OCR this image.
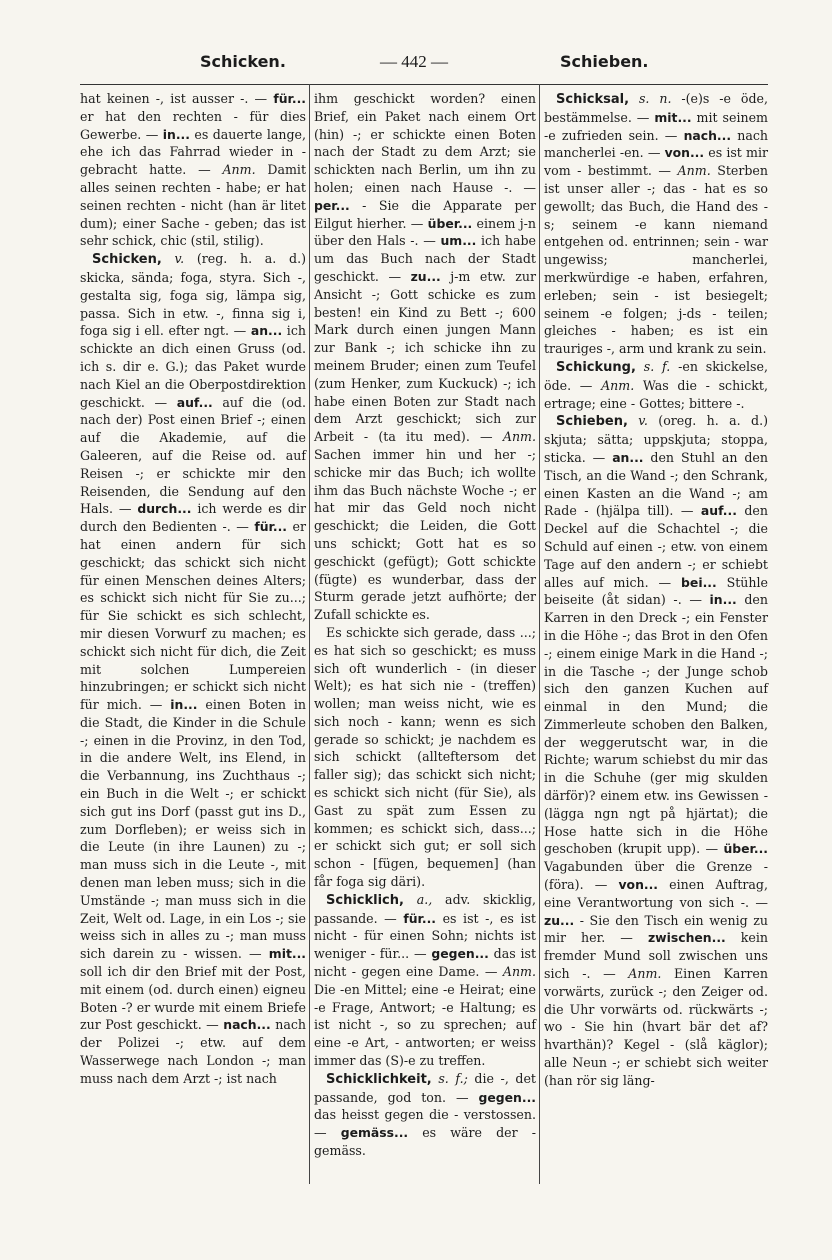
Schicken.	— 442 —	Schieben.

hat keinen -, ist ausser -. — für... er hat den rechten - für dies Gewerbe. — in... es dauerte lange, ehe ich das Fahrrad wieder in - gebracht hatte. — Anm. Damit alles seinen rechten - habe; er hat seinen rechten - nicht (han är litet dum); einer Sache - geben; das ist sehr schick, chic (stil, stilig).

Schicken, v. (reg. h. a. d.) skicka, sända; foga, styra. Sich -, gestalta sig, foga sig, lämpa sig, passa. Sich in etw. -, finna sig i, foga sig i ell. efter ngt. — an... ich schickte an dich einen Gruss (od. ich s. dir e. G.); das Paket wurde nach Kiel an die Oberpostdirektion geschickt. — auf... auf die (od. nach der) Post einen Brief -; einen auf die Akademie, auf die Galeeren, auf die Reise od. auf Reisen -; er schickte mir den Reisenden, die Sendung auf den Hals. — durch... ich werde es dir durch den Bedienten -. — für... er hat einen andern für sich geschickt; das schickt sich nicht für einen Menschen deines Alters; es schickt sich nicht für Sie zu...; für Sie schickt es sich schlecht, mir diesen Vorwurf zu machen; es schickt sich nicht für dich, die Zeit mit solchen Lumpereien hinzubringen; er schickt sich nicht für mich. — in... einen Boten in die Stadt, die Kinder in die Schule -; einen in die Provinz, in den Tod, in die andere Welt, ins Elend, in die Verbannung, ins Zuchthaus -; ein Buch in die Welt -; er schickt sich gut ins Dorf (passt gut ins D., zum Dorfleben); er weiss sich in die Leute (in ihre Launen) zu -; man muss sich in die Leute -, mit denen man leben muss; sich in die Umstände -; man muss sich in die Zeit, Welt od. Lage, in ein Los -; sie weiss sich in alles zu -; man muss sich darein zu - wissen. — mit... soll ich dir den Brief mit der Post, mit einem (od. durch einen) eigneu Boten -? er wurde mit einem Briefe zur Post geschickt. — nach... nach der Polizei -; etw. auf dem Wasserwege nach London -; man muss nach dem Arzt -; ist nach

ihm geschickt worden? einen Brief, ein Paket nach einem Ort (hin) -; er schickte einen Boten nach der Stadt zu dem Arzt; sie schickten nach Berlin, um ihn zu holen; einen nach Hause -. — per... - Sie die Apparate per Eilgut hierher. — über... einem j-n über den Hals -. — um... ich habe um das Buch nach der Stadt geschickt. — zu... j-m etw. zur Ansicht -; Gott schicke es zum besten! ein Kind zu Bett -; 600 Mark durch einen jungen Mann zur Bank -; ich schicke ihn zu meinem Bruder; einen zum Teufel (zum Henker, zum Kuckuck) -; ich habe einen Boten zur Stadt nach dem Arzt geschickt; sich zur Arbeit - (ta itu med). — Anm. Sachen immer hin und her -; schicke mir das Buch; ich wollte ihm das Buch nächste Woche -; er hat mir das Geld noch nicht geschickt; die Leiden, die Gott uns schickt; Gott hat es so geschickt (gefügt); Gott schickte (fügte) es wunderbar, dass der Sturm gerade jetzt aufhörte; der Zufall schickte es.

Es schickte sich gerade, dass ...; es hat sich so geschickt; es muss sich oft wunderlich - (in dieser Welt); es hat sich nie - (treffen) wollen; man weiss nicht, wie es sich noch - kann; wenn es sich gerade so schickt; je nachdem es sich schickt (allteftersom det faller sig); das schickt sich nicht; es schickt sich nicht (für Sie), als Gast zu spät zum Essen zu kommen; es schickt sich, dass...; er schickt sich gut; er soll sich schon - [fügen, bequemen] (han får foga sig däri).

Schicklich, a., adv. skicklig, passande. — für... es ist -, es ist nicht - für einen Sohn; nichts ist weniger - für... — gegen... das ist nicht - gegen eine Dame. — Anm. Die -en Mittel; eine -e Heirat; eine -e Frage, Antwort; -e Haltung; es ist nicht -, so zu sprechen; auf eine -e Art, - antworten; er weiss immer das (S)-e zu treffen.

Schicklichkeit, s. f.; die -, det passande, god ton. — gegen... das heisst gegen die - verstossen. — gemäss... es wäre der - gemäss.

Schicksal, s. n. -(e)s -e öde, bestämmelse. — mit... mit seinem -e zufrieden sein. — nach... nach mancherlei -en. — von... es ist mir vom - bestimmt. — Anm. Sterben ist unser aller -; das - hat es so gewollt; das Buch, die Hand des -s; seinem -e kann niemand entgehen od. entrinnen; sein - war ungewiss; mancherlei, merkwürdige -e haben, erfahren, erleben; sein - ist besiegelt; seinem -e folgen; j-ds - teilen; gleiches - haben; es ist ein trauriges -, arm und krank zu sein.

Schickung, s. f. -en skickelse, öde. — Anm. Was die - schickt, ertrage; eine - Gottes; bittere -.

Schieben, v. (oreg. h. a. d.) skjuta; sätta; uppskjuta; stoppa, sticka. — an... den Stuhl an den Tisch, an die Wand -; den Schrank, einen Kasten an die Wand -; am Rade - (hjälpa till). — auf... den Deckel auf die Schachtel -; die Schuld auf einen -; etw. von einem Tage auf den andern -; er schiebt alles auf mich. — bei... Stühle beiseite (åt sidan) -. — in... den Karren in den Dreck -; ein Fenster in die Höhe -; das Brot in den Ofen -; einem einige Mark in die Hand -; in die Tasche -; der Junge schob sich den ganzen Kuchen auf einmal in den Mund; die Zimmerleute schoben den Balken, der weggerutscht war, in die Richte; warum schiebst du mir das in die Schuhe (ger mig skulden därför)? einem etw. ins Gewissen - (lägga ngn ngt på hjärtat); die Hose hatte sich in die Höhe geschoben (krupit upp). — über... Vagabunden über die Grenze - (föra). — von... einen Auftrag, eine Verantwortung von sich -. — zu... - Sie den Tisch ein wenig zu mir her. — zwischen... kein fremder Mund soll zwischen uns sich -. — Anm. Einen Karren vorwärts, zurück -; den Zeiger od. die Uhr vorwärts od. rückwärts -; wo - Sie hin (hvart bär det af? hvarthän)? Kegel - (slå käglor); alle Neun -; er schiebt sich weiter (han rör sig läng-
